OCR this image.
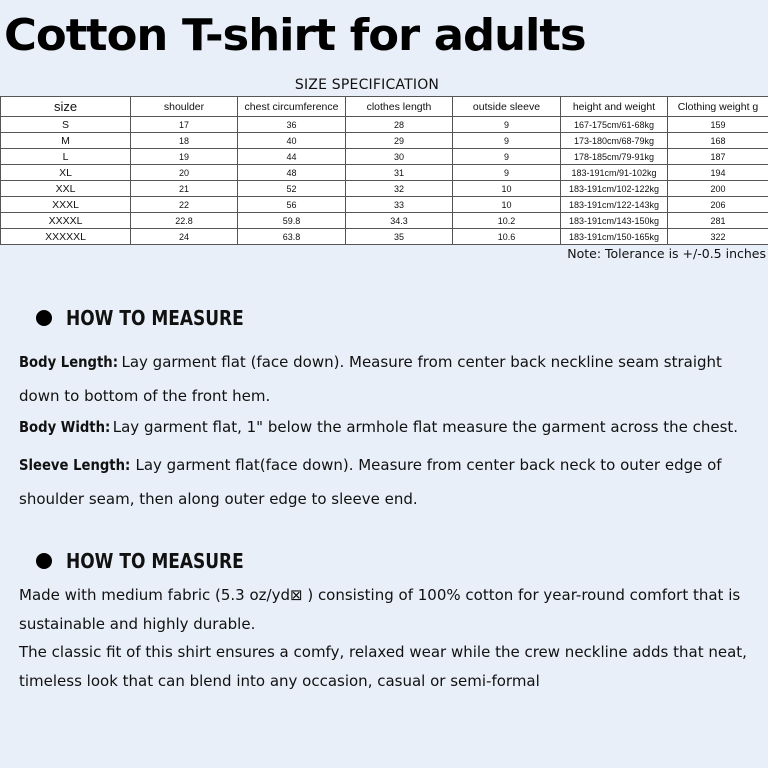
Cotton T-shirt for adults
SIZE SPECIFICATION
size	shoulder	chest circumference	clothes length	outside sleeve	height and weight	Clothing weight g
S	17	36	28	9	167-175cm/61-68kg	159
M	18	40	29	9	173-180cm/68-79kg	168
L	19	44	30	9	178-185cm/79-91kg	187
XL	20	48	31	9	183-191cm/91-102kg	194
XXL	21	52	32	10	183-191cm/102-122kg	200
XXXL	22	56	33	10	183-191cm/122-143kg	206
XXXXL	22.8	59.8	34.3	10.2	183-191cm/143-150kg	281
XXXXXL	24	63.8	35	10.6	183-191cm/150-165kg	322
Note: Tolerance is +/-0.5 inches
HOW TO MEASURE
Body Length: Lay garment flat (face down). Measure from center back neckline seam straight down to bottom of the front hem.
Body Width: Lay garment flat, 1" below the armhole flat measure the garment across the chest.
Sleeve Length: Lay garment flat(face down). Measure from center back neck to outer edge of shoulder seam, then along outer edge to sleeve end.
HOW TO MEASURE

Made with medium fabric (5.3 oz/yd⊠ ) consisting of 100% cotton for year-round comfort that is sustainable and highly durable.

The classic fit of this shirt ensures a comfy, relaxed wear while the crew neckline adds that neat, timeless look that can blend into any occasion, casual or semi-formal
